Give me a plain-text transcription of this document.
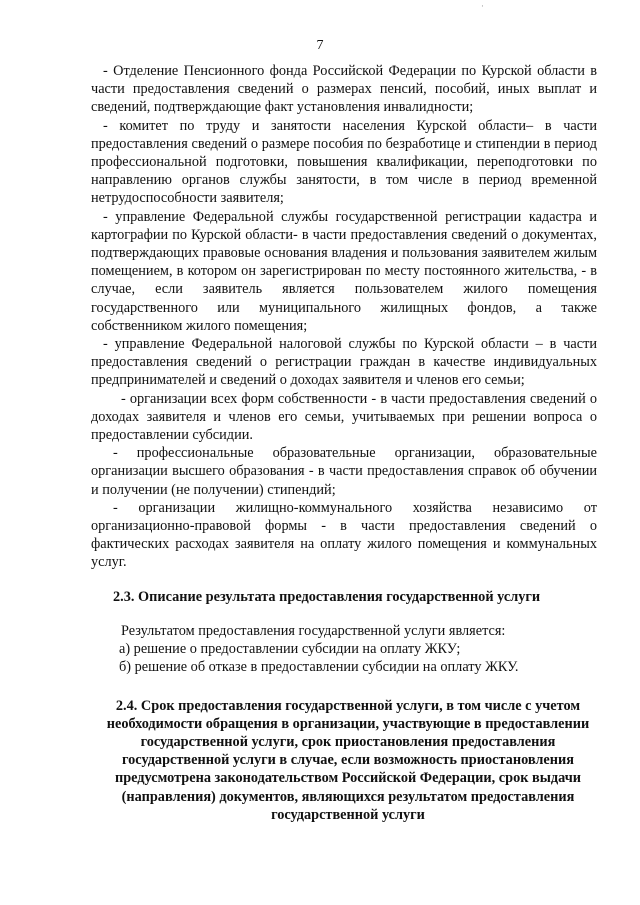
·
7

- Отделение Пенсионного фонда Российской Федерации по Курской области в части предоставления сведений о размерах пенсий, пособий, иных выплат и сведений, подтверждающие факт установления инвалидности;

- комитет по труду и занятости населения Курской области– в части предоставления сведений о размере пособия по безработице и стипендии в период профессиональной подготовки, повышения квалификации, переподготовки по направлению органов службы занятости, в том числе в период временной нетрудоспособности заявителя;

- управление Федеральной службы государственной регистрации кадастра и картографии по Курской области- в части предоставления сведений о документах, подтверждающих правовые основания владения и пользования заявителем жилым помещением, в котором он зарегистрирован по месту постоянного жительства, - в случае, если заявитель является пользователем жилого помещения государственного или муниципального жилищных фондов, а также собственником жилого помещения;

- управление Федеральной налоговой службы по Курской области – в части предоставления сведений о регистрации граждан в качестве индивидуальных предпринимателей и сведений о доходах заявителя и членов его семьи;

- организации всех форм собственности - в части предоставления сведений о доходах заявителя и членов его семьи, учитываемых при решении вопроса о предоставлении субсидии.

- профессиональные образовательные организации, образовательные организации высшего образования - в части предоставления справок об обучении и получении (не получении) стипендий;

- организации жилищно-коммунального хозяйства независимо от организационно-правовой формы - в части предоставления сведений о фактических расходах заявителя на оплату жилого помещения и коммунальных услуг.

2.3. Описание результата предоставления государственной услуги

Результатом предоставления государственной услуги является:

а) решение о предоставлении субсидии на оплату ЖКУ;

б) решение об отказе в предоставлении субсидии на оплату ЖКУ.

2.4. Срок предоставления государственной услуги, в том числе с учетом необходимости обращения в организации, участвующие в предоставлении государственной услуги, срок приостановления предоставления государственной услуги в случае, если возможность приостановления предусмотрена законодательством Российской Федерации, срок выдачи (направления) документов, являющихся результатом предоставления государственной услуги
